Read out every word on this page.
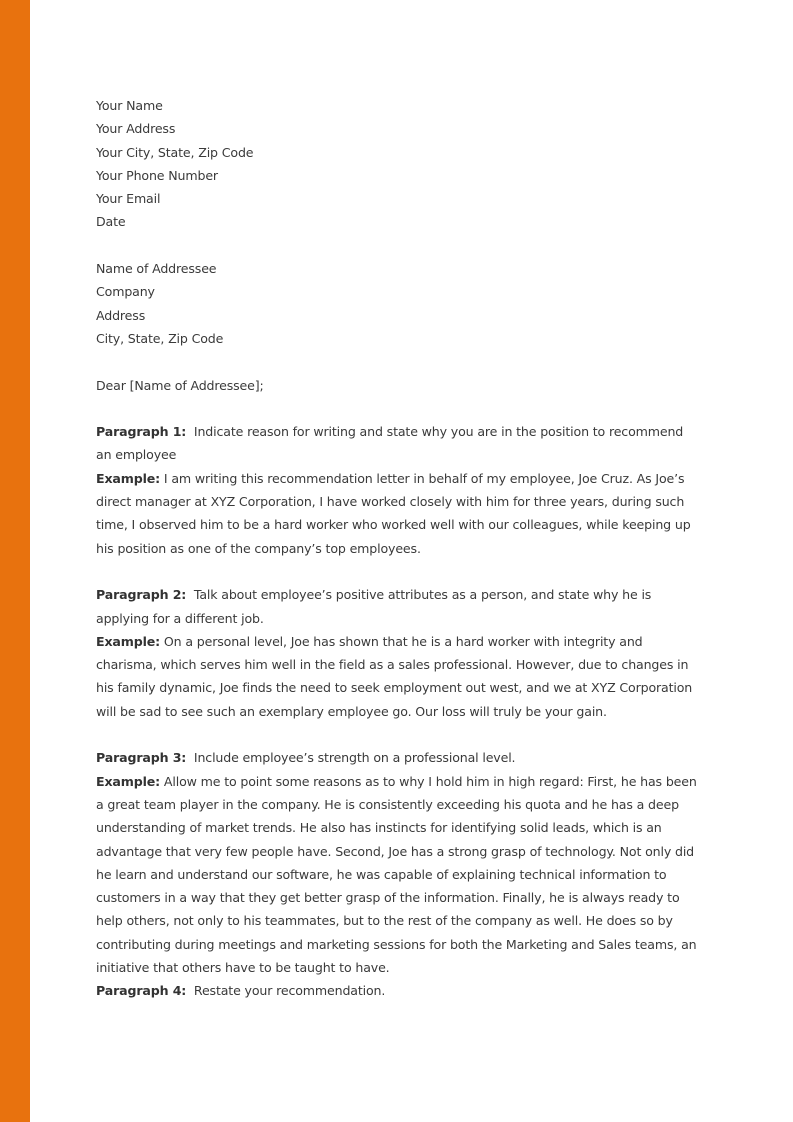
Your Name
Your Address
Your City, State, Zip Code
Your Phone Number
Your Email
Date
Name of Addressee
Company
Address
City, State, Zip Code
Dear [Name of Addressee];

Paragraph 1: Indicate reason for writing and state why you are in the position to recommend an employee

Example: I am writing this recommendation letter in behalf of my employee, Joe Cruz. As Joe’s direct manager at XYZ Corporation, I have worked closely with him for three years, during such time, I observed him to be a hard worker who worked well with our colleagues, while keeping up his position as one of the company’s top employees.

Paragraph 2: Talk about employee’s positive attributes as a person, and state why he is applying for a different job.

Example: On a personal level, Joe has shown that he is a hard worker with integrity and charisma, which serves him well in the field as a sales professional. However, due to changes in his family dynamic, Joe finds the need to seek employment out west, and we at XYZ Corporation will be sad to see such an exemplary employee go. Our loss will truly be your gain.

Paragraph 3: Include employee’s strength on a professional level.

Example: Allow me to point some reasons as to why I hold him in high regard: First, he has been a great team player in the company. He is consistently exceeding his quota and he has a deep understanding of market trends. He also has instincts for identifying solid leads, which is an advantage that very few people have. Second, Joe has a strong grasp of technology. Not only did he learn and understand our software, he was capable of explaining technical information to customers in a way that they get better grasp of the information. Finally, he is always ready to help others, not only to his teammates, but to the rest of the company as well. He does so by contributing during meetings and marketing sessions for both the Marketing and Sales teams, an initiative that others have to be taught to have.

Paragraph 4: Restate your recommendation.
